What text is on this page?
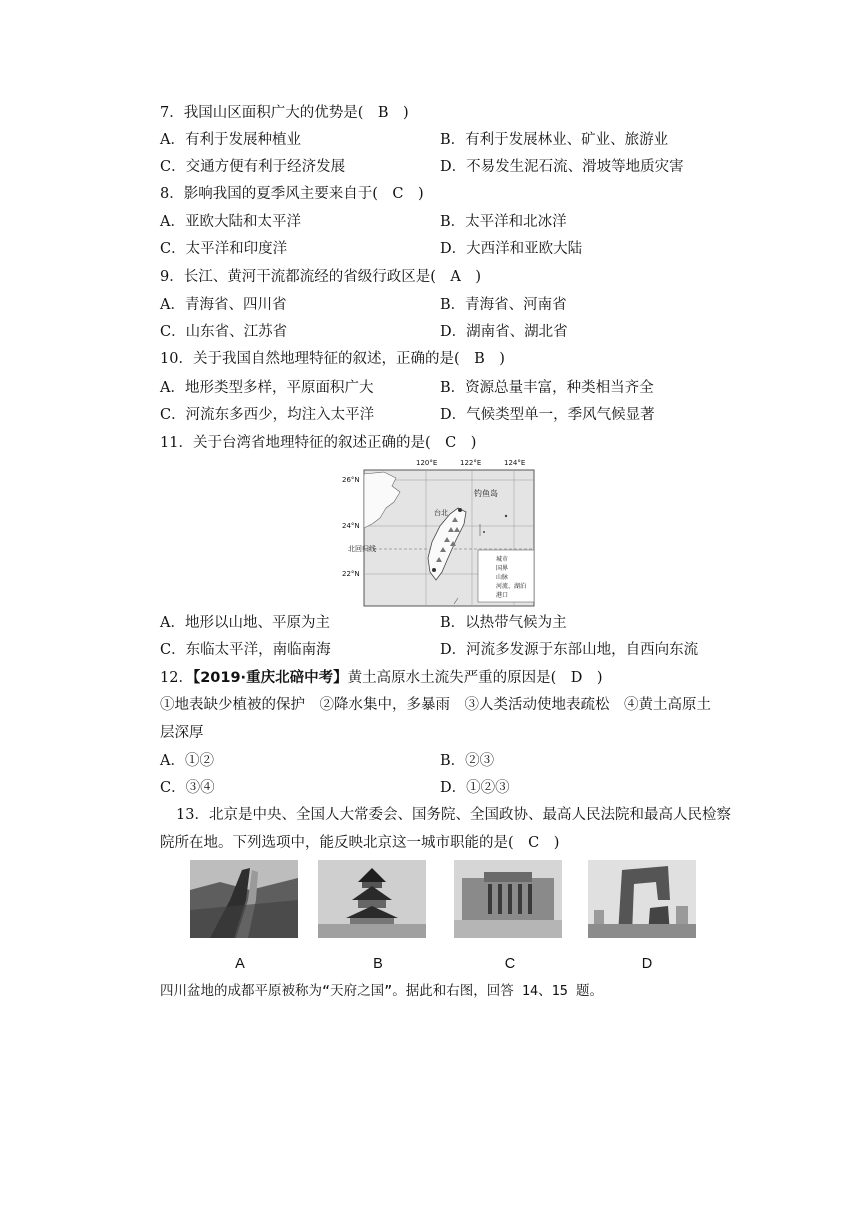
7．我国山区面积广大的优势是(　B　)
A．有利于发展种植业	B．有利于发展林业、矿业、旅游业
C．交通方便有利于经济发展	D．不易发生泥石流、滑坡等地质灾害
8．影响我国的夏季风主要来自于(　C　)
A．亚欧大陆和太平洋	B．太平洋和北冰洋
C．太平洋和印度洋	D．大西洋和亚欧大陆
9．长江、黄河干流都流经的省级行政区是(　A　)
A．青海省、四川省	B．青海省、河南省
C．山东省、江苏省	D．湖南省、湖北省
10．关于我国自然地理特征的叙述，正确的是(　B　)
A．地形类型多样，平原面积广大	B．资源总量丰富，种类相当齐全
C．河流东多西少，均注入太平洋	D．气候类型单一，季风气候显著
11．关于台湾省地理特征的叙述正确的是(　C　)
120°E	122°E	124°E
26°N
24°N
22°N
北回归线
钓鱼岛
台北
城市
国界
山脉
河流、湖泊
港口
A．地形以山地、平原为主	B．以热带气候为主
C．东临太平洋，南临南海	D．河流多发源于东部山地，自西向东流
12．【2019·重庆北碚中考】黄土高原水土流失严重的原因是(　D　)
①地表缺少植被的保护　②降水集中，多暴雨　③人类活动使地表疏松　④黄土高原土
层深厚
A．①②	B．②③
C．③④	D．①②③
13．北京是中央、全国人大常委会、国务院、全国政协、最高人民法院和最高人民检察
院所在地。下列选项中，能反映北京这一城市职能的是(　C　)
A	B	C	D
四川盆地的成都平原被称为“天府之国”。据此和右图，回答 14、15 题。
